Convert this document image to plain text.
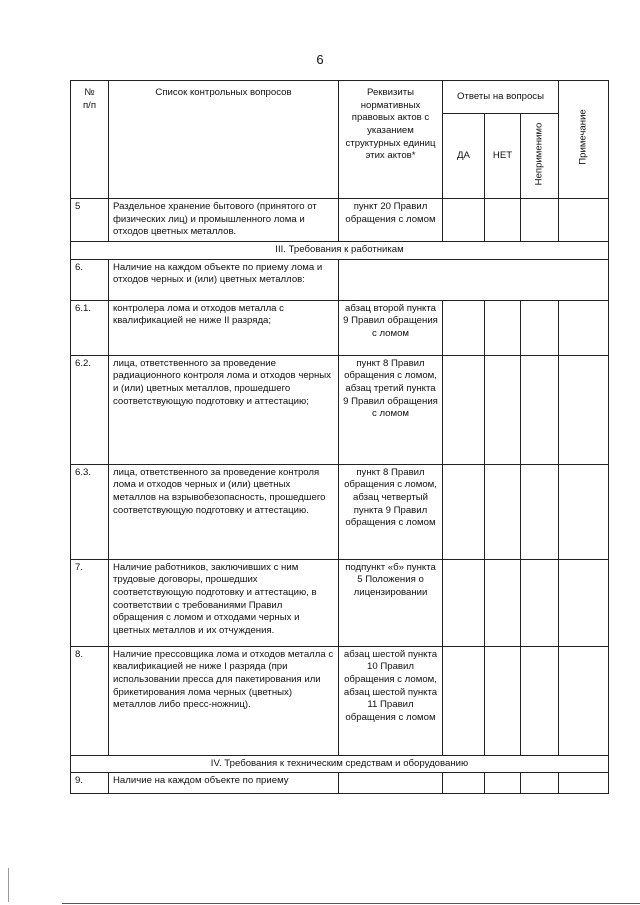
6
№
п/п	Список контрольных вопросов	Реквизиты нормативных правовых актов с указанием структурных единиц этих актов*	Ответы на вопросы			Примечание

			ДА	НЕТ	Неприменимо	

5	Раздельное хранение бытового (принятого от физических лиц) и промышленного лома и отходов цветных металлов.	пункт 20 Правил обращения с ломом				
III. Требования к работникам						
6.	Наличие на каждом объекте по приему лома и отходов черных и (или) цветных металлов:					
6.1.	контролера лома и отходов металла с квалификацией не ниже II разряда;	абзац второй пункта 9 Правил обращения с ломом				
6.2.	лица, ответственного за проведение радиационного контроля лома и отходов черных и (или) цветных металлов, прошедшего соответствующую подготовку и аттестацию;	пункт 8 Правил обращения с ломом, абзац третий пункта 9 Правил обращения с ломом				
6.3.	лица, ответственного за проведение контроля лома и отходов черных и (или) цветных металлов на взрывобезопасность, прошедшего соответствующую подготовку и аттестацию.	пункт 8 Правил обращения с ломом, абзац четвертый пункта 9 Правил обращения с ломом				
7.	Наличие работников, заключивших с ним трудовые договоры, прошедших соответствующую подготовку и аттестацию, в соответствии с требованиями Правил обращения с ломом и отходами черных и цветных металлов и их отчуждения.	подпункт «б» пункта 5 Положения о лицензировании				
8.	Наличие прессовщика лома и отходов металла с квалификацией не ниже I разряда (при использовании пресса для пакетирования или брикетирования лома черных (цветных) металлов либо пресс-ножниц).	абзац шестой пункта 10 Правил обращения с ломом, абзац шестой пункта 11 Правил обращения с ломом				
IV. Требования к техническим средствам и оборудованию						
9.	Наличие на каждом объекте по приему					
